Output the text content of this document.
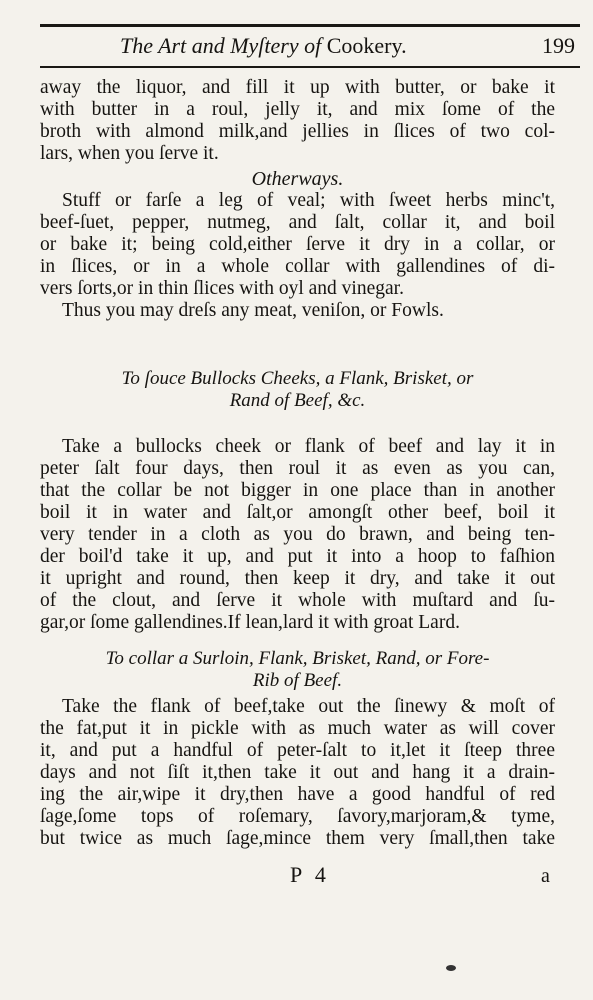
The Art and Myſtery of Cookery.	199
away the liquor, and fill it up with butter, or bake it
with butter in a roul, jelly it, and mix ſome of the
broth with almond milk,and jellies in ſlices of two col-
lars, when you ſerve it.
Otherways.
Stuff or farſe a leg of veal; with ſweet herbs minc't,
beef-ſuet, pepper, nutmeg, and ſalt, collar it, and boil
or bake it; being cold,either ſerve it dry in a collar, or
in ſlices, or in a whole collar with gallendines of di-
vers ſorts,or in thin ſlices with oyl and vinegar.
Thus you may dreſs any meat, veniſon, or Fowls.
To ſouce Bullocks Cheeks, a Flank, Brisket, or
Rand of Beef, &c.
Take a bullocks cheek or flank of beef and lay it in
peter ſalt four days, then roul it as even as you can,
that the collar be not bigger in one place than in another
boil it in water and ſalt,or amongſt other beef, boil it
very tender in a cloth as you do brawn, and being ten-
der boil'd take it up, and put it into a hoop to faſhion
it upright and round, then keep it dry, and take it out
of the clout, and ſerve it whole with muſtard and ſu-
gar,or ſome gallendines.If lean,lard it with groat Lard.
To collar a Surloin, Flank, Brisket, Rand, or Fore-
Rib of Beef.
Take the flank of beef,take out the ſinewy & moſt of
the fat,put it in pickle with as much water as will cover
it, and put a handful of peter-ſalt to it,let it ſteep three
days and not ſiſt it,then take it out and hang it a drain-
ing the air,wipe it dry,then have a good handful of red
ſage,ſome tops of roſemary, ſavory,marjoram,& tyme,
but twice as much ſage,mince them very ſmall,then take
P 4	a
